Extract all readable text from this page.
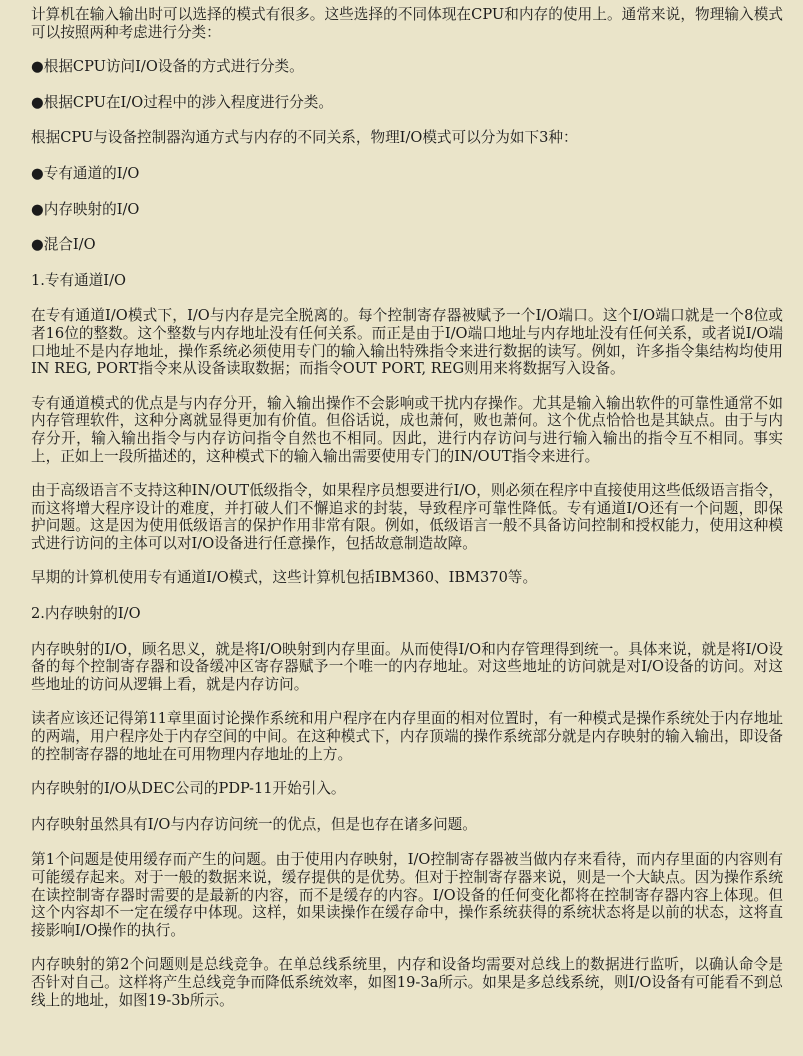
计算机在输入输出时可以选择的模式有很多。这些选择的不同体现在CPU和内存的使用上。通常来说，物理输入模式可以按照两种考虑进行分类：

●根据CPU访问I/O设备的方式进行分类。

●根据CPU在I/O过程中的涉入程度进行分类。

根据CPU与设备控制器沟通方式与内存的不同关系，物理I/O模式可以分为如下3种：

●专有通道的I/O

●内存映射的I/O

●混合I/O

1.专有通道I/O

在专有通道I/O模式下，I/O与内存是完全脱离的。每个控制寄存器被赋予一个I/O端口。这个I/O端口就是一个8位或者16位的整数。这个整数与内存地址没有任何关系。而正是由于I/O端口地址与内存地址没有任何关系，或者说I/O端口地址不是内存地址，操作系统必须使用专门的输入输出特殊指令来进行数据的读写。例如，许多指令集结构均使用IN REG, PORT指令来从设备读取数据；而指令OUT PORT, REG则用来将数据写入设备。

专有通道模式的优点是与内存分开，输入输出操作不会影响或干扰内存操作。尤其是输入输出软件的可靠性通常不如内存管理软件，这种分离就显得更加有价值。但俗话说，成也萧何，败也萧何。这个优点恰恰也是其缺点。由于与内存分开，输入输出指令与内存访问指令自然也不相同。因此，进行内存访问与进行输入输出的指令互不相同。事实上，正如上一段所描述的，这种模式下的输入输出需要使用专门的IN/OUT指令来进行。

由于高级语言不支持这种IN/OUT低级指令，如果程序员想要进行I/O，则必须在程序中直接使用这些低级语言指令，而这将增大程序设计的难度，并打破人们不懈追求的封装，导致程序可靠性降低。专有通道I/O还有一个问题，即保护问题。这是因为使用低级语言的保护作用非常有限。例如，低级语言一般不具备访问控制和授权能力，使用这种模式进行访问的主体可以对I/O设备进行任意操作，包括故意制造故障。

早期的计算机使用专有通道I/O模式，这些计算机包括IBM360、IBM370等。

2.内存映射的I/O

内存映射的I/O，顾名思义，就是将I/O映射到内存里面。从而使得I/O和内存管理得到统一。具体来说，就是将I/O设备的每个控制寄存器和设备缓冲区寄存器赋予一个唯一的内存地址。对这些地址的访问就是对I/O设备的访问。对这些地址的访问从逻辑上看，就是内存访问。

读者应该还记得第11章里面讨论操作系统和用户程序在内存里面的相对位置时，有一种模式是操作系统处于内存地址的两端，用户程序处于内存空间的中间。在这种模式下，内存顶端的操作系统部分就是内存映射的输入输出，即设备的控制寄存器的地址在可用物理内存地址的上方。

内存映射的I/O从DEC公司的PDP-11开始引入。

内存映射虽然具有I/O与内存访问统一的优点，但是也存在诸多问题。

第1个问题是使用缓存而产生的问题。由于使用内存映射，I/O控制寄存器被当做内存来看待，而内存里面的内容则有可能缓存起来。对于一般的数据来说，缓存提供的是优势。但对于控制寄存器来说，则是一个大缺点。因为操作系统在读控制寄存器时需要的是最新的内容，而不是缓存的内容。I/O设备的任何变化都将在控制寄存器内容上体现。但这个内容却不一定在缓存中体现。这样，如果读操作在缓存命中，操作系统获得的系统状态将是以前的状态，这将直接影响I/O操作的执行。

内存映射的第2个问题则是总线竞争。在单总线系统里，内存和设备均需要对总线上的数据进行监听，以确认命令是否针对自己。这样将产生总线竞争而降低系统效率，如图19-3a所示。如果是多总线系统，则I/O设备有可能看不到总线上的地址，如图19-3b所示。
